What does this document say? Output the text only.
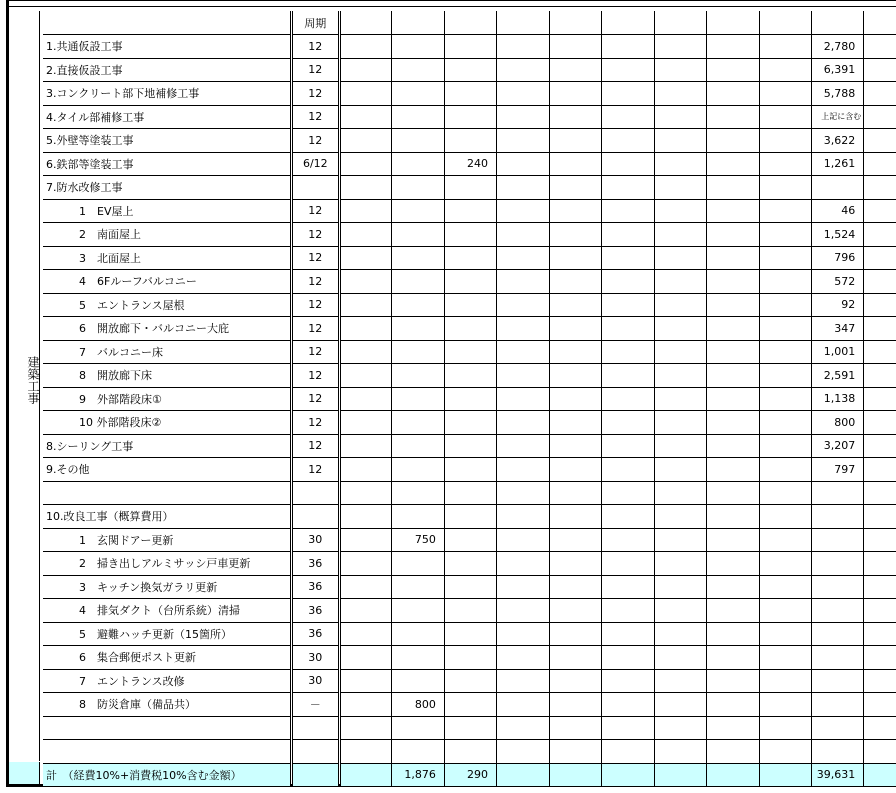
建築工事
	周期											
1.共通仮設工事	12										2,780	
2.直接仮設工事	12										6,391	
3.コンクリート部下地補修工事	12										5,788	
4.タイル部補修工事	12										上記に含む	
5.外壁等塗装工事	12										3,622	
6.鉄部等塗装工事	6/12			240							1,261	
7.防水改修工事												
1　EV屋上	12										46	
2　南面屋上	12										1,524	
3　北面屋上	12										796	
4　6Fルーフバルコニー	12										572	
5　エントランス屋根	12										92	
6　開放廊下・バルコニー大庇	12										347	
7　バルコニー床	12										1,001	
8　開放廊下床	12										2,591	
9　外部階段床①	12										1,138	
10 外部階段床②	12										800	
8.シーリング工事	12										3,207	
9.その他	12										797	

10.改良工事（概算費用）												
1　玄関ドアー更新	30		750									
2　掃き出しアルミサッシ戸車更新	36											
3　キッチン換気ガラリ更新	36											
4　排気ダクト（台所系統）清掃	36											
5　避難ハッチ更新（15箇所）	36											
6　集合郵便ポスト更新	30											
7　エントランス改修	30											
8　防災倉庫（備品共）	－		800									

計　（経費10%+消費税10%含む金額）			1,876	290							39,631	
